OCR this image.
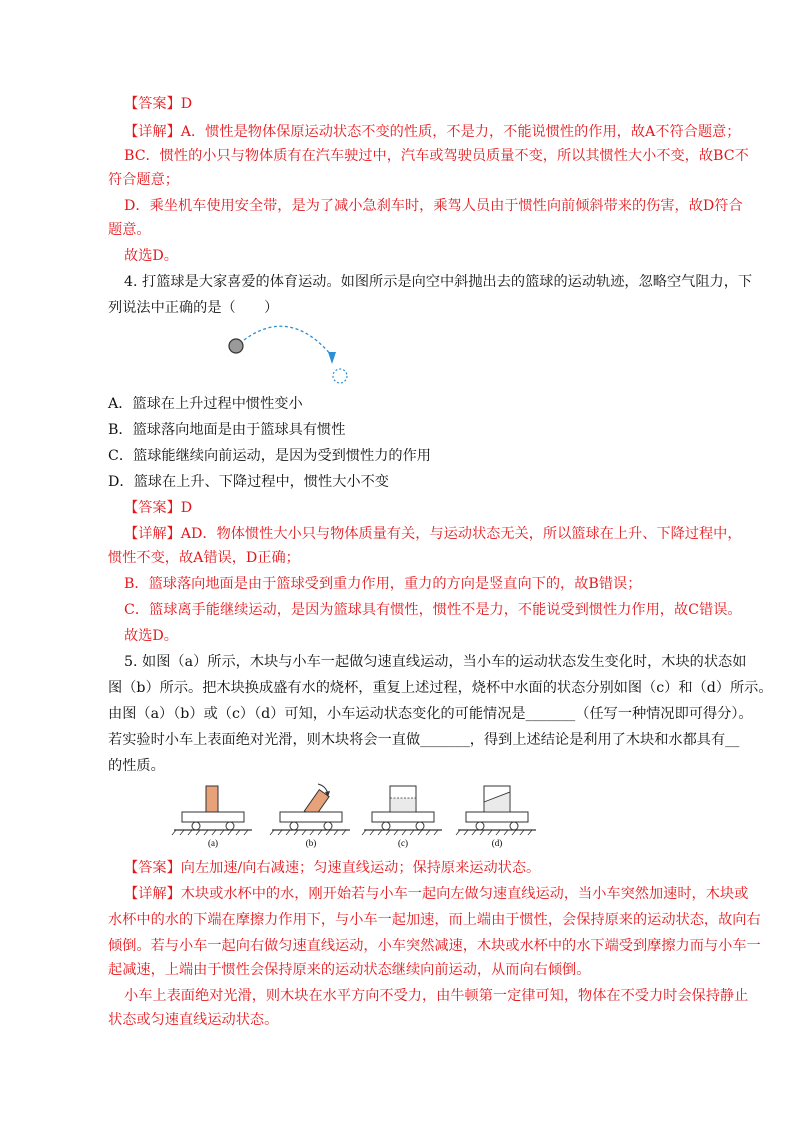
【答案】D
【详解】A．惯性是物体保原运动状态不变的性质，不是力，不能说惯性的作用，故A不符合题意；
BC．惯性的小只与物体质有在汽车驶过中，汽车或驾驶员质量不变，所以其惯性大小不变，故BC不
符合题意；
D．乘坐机车使用安全带，是为了减小急刹车时，乘驾人员由于惯性向前倾斜带来的伤害，故D符合
题意。
故选D。
4. 打篮球是大家喜爱的体育运动。如图所示是向空中斜抛出去的篮球的运动轨迹，忽略空气阻力，下
列说法中正确的是（　　）
A．篮球在上升过程中惯性变小
B．篮球落向地面是由于篮球具有惯性
C．篮球能继续向前运动，是因为受到惯性力的作用
D．篮球在上升、下降过程中，惯性大小不变
【答案】D
【详解】AD．物体惯性大小只与物体质量有关，与运动状态无关，所以篮球在上升、下降过程中，
惯性不变，故A错误，D正确；
B．篮球落向地面是由于篮球受到重力作用，重力的方向是竖直向下的，故B错误；
C．篮球离手能继续运动，是因为篮球具有惯性，惯性不是力，不能说受到惯性力作用，故C错误。
故选D。
5. 如图（a）所示，木块与小车一起做匀速直线运动，当小车的运动状态发生变化时，木块的状态如
图（b）所示。把木块换成盛有水的烧杯，重复上述过程，烧杯中水面的状态分别如图（c）和（d）所示。
由图（a）（b）或（c）（d）可知，小车运动状态变化的可能情况是_______（任写一种情况即可得分）。
若实验时小车上表面绝对光滑，则木块将会一直做_______，得到上述结论是利用了木块和水都具有__
的性质。
(a)	(b)	(c)	(d)
【答案】向左加速/向右减速；匀速直线运动；保持原来运动状态。
【详解】木块或水杯中的水，刚开始若与小车一起向左做匀速直线运动，当小车突然加速时，木块或
水杯中的水的下端在摩擦力作用下，与小车一起加速，而上端由于惯性，会保持原来的运动状态，故向右
倾倒。若与小车一起向右做匀速直线运动，小车突然减速，木块或水杯中的水下端受到摩擦力而与小车一
起减速，上端由于惯性会保持原来的运动状态继续向前运动，从而向右倾倒。
小车上表面绝对光滑，则木块在水平方向不受力，由牛顿第一定律可知，物体在不受力时会保持静止
状态或匀速直线运动状态。
